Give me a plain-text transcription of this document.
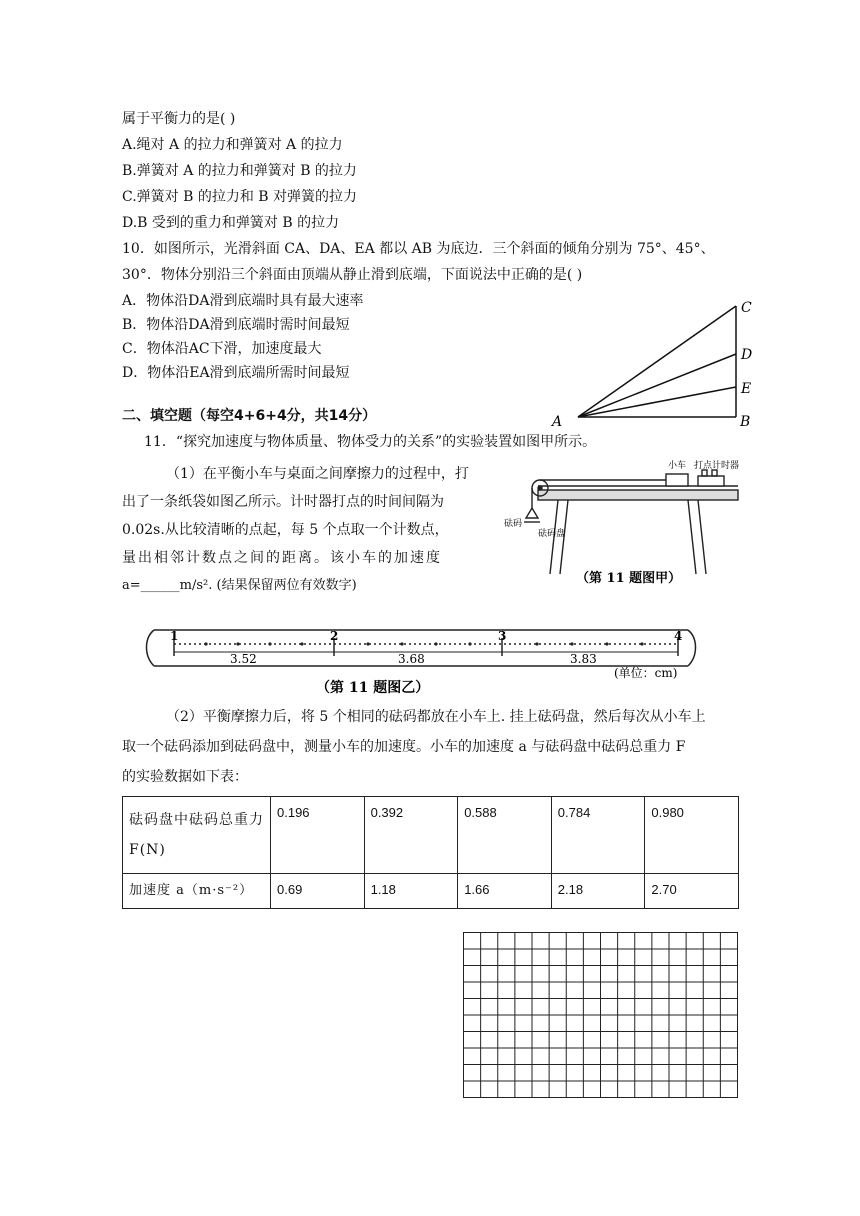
属于平衡力的是( )
A.绳对 A 的拉力和弹簧对 A 的拉力
B.弹簧对 A 的拉力和弹簧对 B 的拉力
C.弹簧对 B 的拉力和 B 对弹簧的拉力
D.B 受到的重力和弹簧对 B 的拉力
10．如图所示，光滑斜面 CA、DA、EA 都以 AB 为底边．三个斜面的倾角分别为 75°、45°、
30°．物体分别沿三个斜面由顶端从静止滑到底端，下面说法中正确的是( )
A．物体沿DA滑到底端时具有最大速率
B．物体沿DA滑到底端时需时间最短
C．物体沿AC下滑，加速度最大
D．物体沿EA滑到底端所需时间最短
A	B
C
D
E
二、填空题（每空4+6+4分，共14分）
11．“探究加速度与物体质量、物体受力的关系”的实验装置如图甲所示。
（1）在平衡小车与桌面之间摩擦力的过程中，打
出了一条纸袋如图乙所示。计时器打点的时间间隔为
0.02s.从比较清晰的点起，每 5 个点取一个计数点，
量出相邻计数点之间的距离。该小车的加速度
a=______m/s². (结果保留两位有效数字)
小车 打点计时器
砝码
砝码盘
（第 11 题图甲）
1	2	3	4
3.52	3.68	3.83
(单位：cm)
（第 11 题图乙）
（2）平衡摩擦力后，将 5 个相同的砝码都放在小车上. 挂上砝码盘，然后每次从小车上
取一个砝码添加到砝码盘中，测量小车的加速度。小车的加速度 a 与砝码盘中砝码总重力 F
的实验数据如下表：
砝码盘中砝码总重力 F(N)	0.196	0.392	0.588	0.784	0.980
加速度 a（m·s⁻²）	0.69	1.18	1.66	2.18	2.70
